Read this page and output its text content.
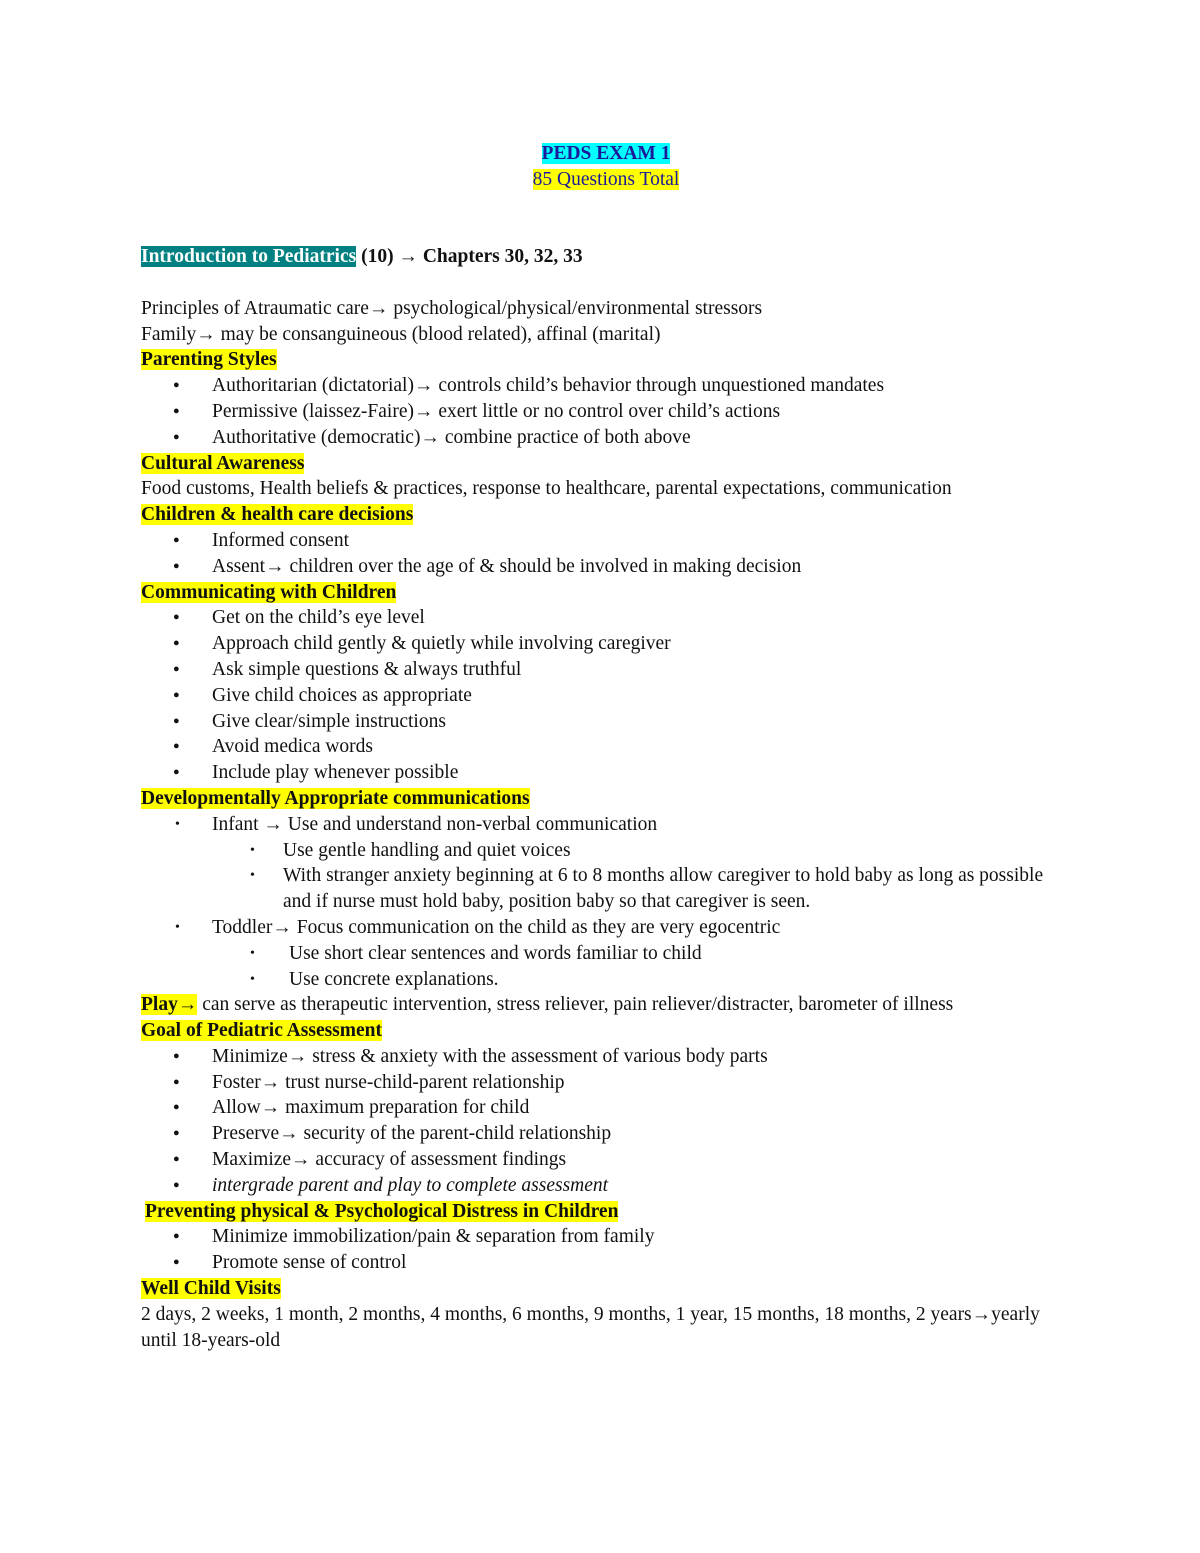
PEDS EXAM 1

85 Questions Total

Introduction to Pediatrics (10) → Chapters 30, 32, 33

Principles of Atraumatic care→ psychological/physical/environmental stressors

Family→ may be consanguineous (blood related), affinal (marital)

Parenting Styles

● Authoritarian (dictatorial)→ controls child’s behavior through unquestioned mandates
● Permissive (laissez-Faire)→ exert little or no control over child’s actions
● Authoritative (democratic)→ combine practice of both above

Cultural Awareness

Food customs, Health beliefs & practices, response to healthcare, parental expectations, communication

Children & health care decisions

● Informed consent
● Assent→ children over the age of & should be involved in making decision

Communicating with Children

● Get on the child’s eye level
● Approach child gently & quietly while involving caregiver
● Ask simple questions & always truthful
● Give child choices as appropriate
● Give clear/simple instructions
● Avoid medica words
● Include play whenever possible

Developmentally Appropriate communications

• Infant → Use and understand non-verbal communication
• Use gentle handling and quiet voices
• With stranger anxiety beginning at 6 to 8 months allow caregiver to hold baby as long as possible and if nurse must hold baby, position baby so that caregiver is seen.
• Toddler→ Focus communication on the child as they are very egocentric
• Use short clear sentences and words familiar to child
• Use concrete explanations.

Play→ can serve as therapeutic intervention, stress reliever, pain reliever/distracter, barometer of illness

Goal of Pediatric Assessment

● Minimize→ stress & anxiety with the assessment of various body parts
● Foster→ trust nurse-child-parent relationship
● Allow→ maximum preparation for child
● Preserve→ security of the parent-child relationship
● Maximize→ accuracy of assessment findings
● intergrade parent and play to complete assessment

Preventing physical & Psychological Distress in Children

● Minimize immobilization/pain & separation from family
● Promote sense of control

Well Child Visits

2 days, 2 weeks, 1 month, 2 months, 4 months, 6 months, 9 months, 1 year, 15 months, 18 months, 2 years→yearly until 18-years-old
